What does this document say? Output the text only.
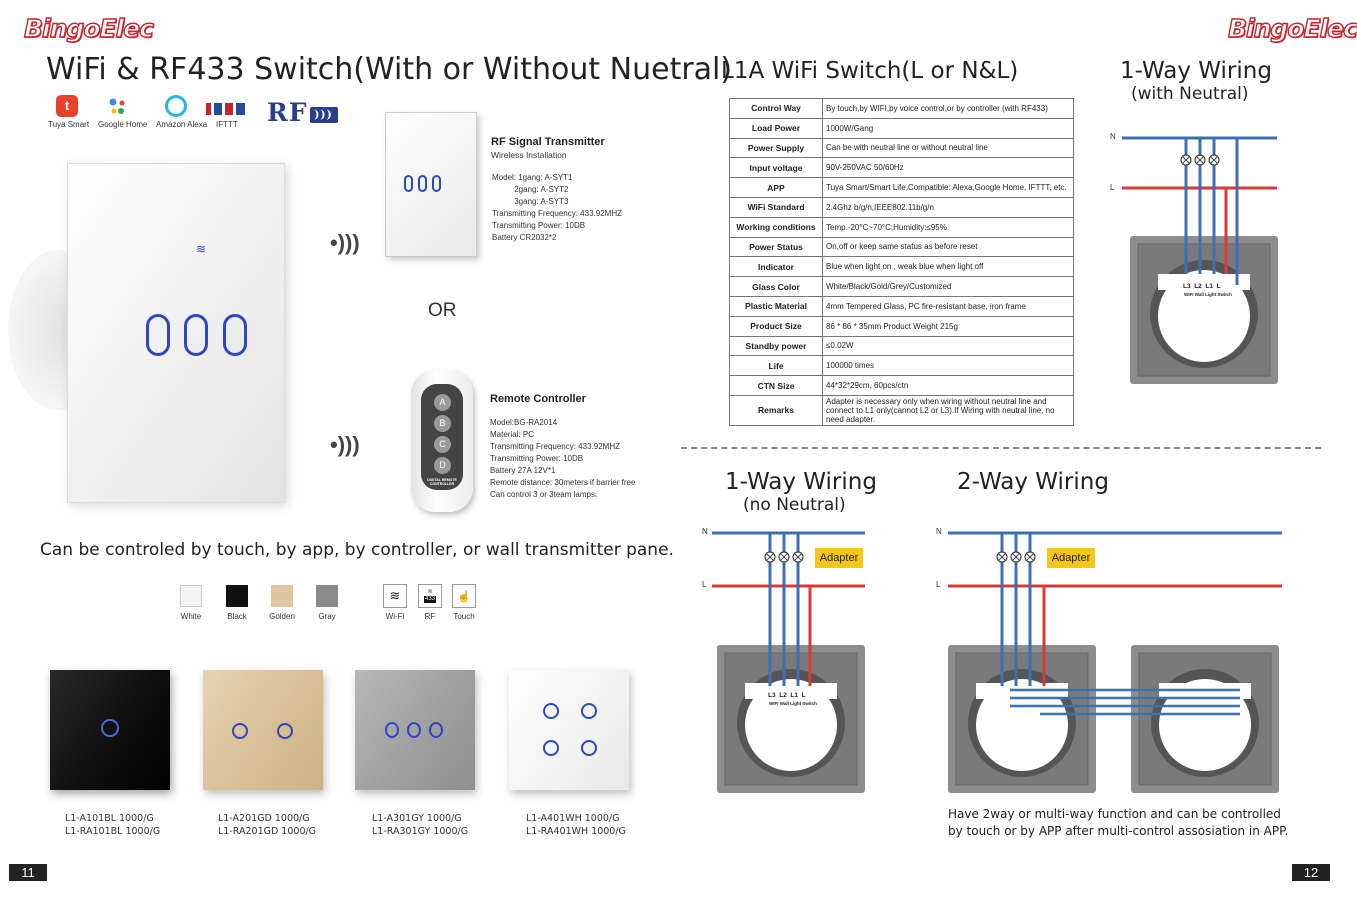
BingoElec
WiFi & RF433 Switch(With or Without Nuetral)
t
Tuya Smart Google Home Amazon Alexa IFTTT RF )))
≋	•)))
•)))
RF Signal Transmitter
Wireless Installation
Model: 1gang: A-SYT1
2gang: A-SYT2
3gang: A-SYT3
Transmitting Frequency: 433.92MHZ
Transmitting Power: 10DB
Battery CR2032*2
OR
A
B
C
D
DIGITAL REMOTE CONTROLLER
Remote Controller
Model:BG-RA2014
Material: PC
Transmitting Frequency: 433.92MHZ
Transmitting Power: 10DB
Battery 27A 12V*1
Remote distance: 30meters if barrier free
Can control 3 or 3team lamps.
Can be controled by touch, by app, by controller, or wall transmitter pane.
White	Black	Golden	Gray
≋
Wi-Fi
≋
433
RF
☝
Touch
L1-A101BL 1000/G
L1-RA101BL 1000/G
L1-A201GD 1000/G
L1-RA201GD 1000/G
L1-A301GY 1000/G
L1-RA301GY 1000/G
L1-A401WH 1000/G
L1-RA401WH 1000/G
11
BingoElec
L1A WiFi Switch(L or N&L)
Control Way	By touch,by WIFI,by voice control,or by controller (with RF433)
Load Power	1000W/Gang
Power Supply	Can be with neutral line or without neutral line
Input voltage	90V-250VAC 50/60Hz
APP	Tuya Smart/Smart Life,Compatible: Alexa,Google Home, IFTTT, etc.
WiFi Standard	2.4Ghz b/g/n,IEEE802.11b/g/n
Working conditions	Temp.-20°C~70°C;Humidity:≤95%
Power Status	On,off or keep same status as before reset
Indicator	Blue when light on , weak blue when light off
Glass Color	White/Black/Gold/Grey/Customized
Plastic Material	4mm Tempered Glass, PC fire-resistant base, iron frame
Product Size	86 * 86 * 35mm Product Weight 215g
Standby power	≤0.02W
Life	100000 times
CTN Size	44*32*29cm, 60pcs/ctn
Remarks	Adapter is necessary only when wiring without neutral line and connect to L1 only(cannot L2 or L3).If Wiring with neutral line, no need adapter.
1-Way Wiring
(with Neutral)
1-Way Wiring
(no Neutral)
2-Way Wiring
N
L
N
L
N
L
L3  L2  L1  L
WIFI Wall Light Switch
L3  L2  L1  L
WIFI Wall Light Switch
Adapter	Adapter
Have 2way or multi-way function and can be controlled
by touch or by APP after multi-control assosiation in APP.
12
